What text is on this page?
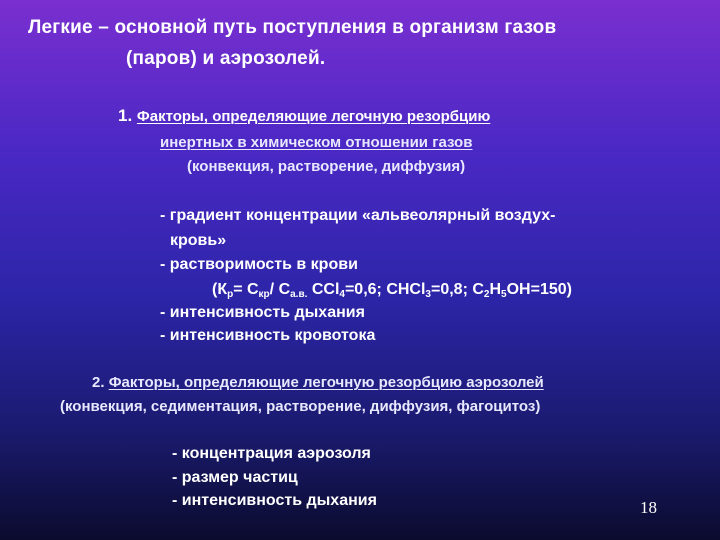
Легкие – основной путь поступления в организм газов
(паров) и аэрозолей.
1. Факторы, определяющие легочную резорбцию
инертных в химическом отношении газов
(конвекция, растворение, диффузия)
- градиент концентрации «альвеолярный воздух-
кровь»
- растворимость в крови
($К_р= С_{кр}/$ $С_{а.в.}$ CCl$_4$=0,6; CHCl$_3$=0,8; $C_2H_5OH=150$)
- интенсивность дыхания
- интенсивность кровотока
2. Факторы, определяющие легочную резорбцию аэрозолей
(конвекция, седиментация, растворение, диффузия, фагоцитоз)
- концентрация аэрозоля
- размер частиц
- интенсивность дыхания	18
